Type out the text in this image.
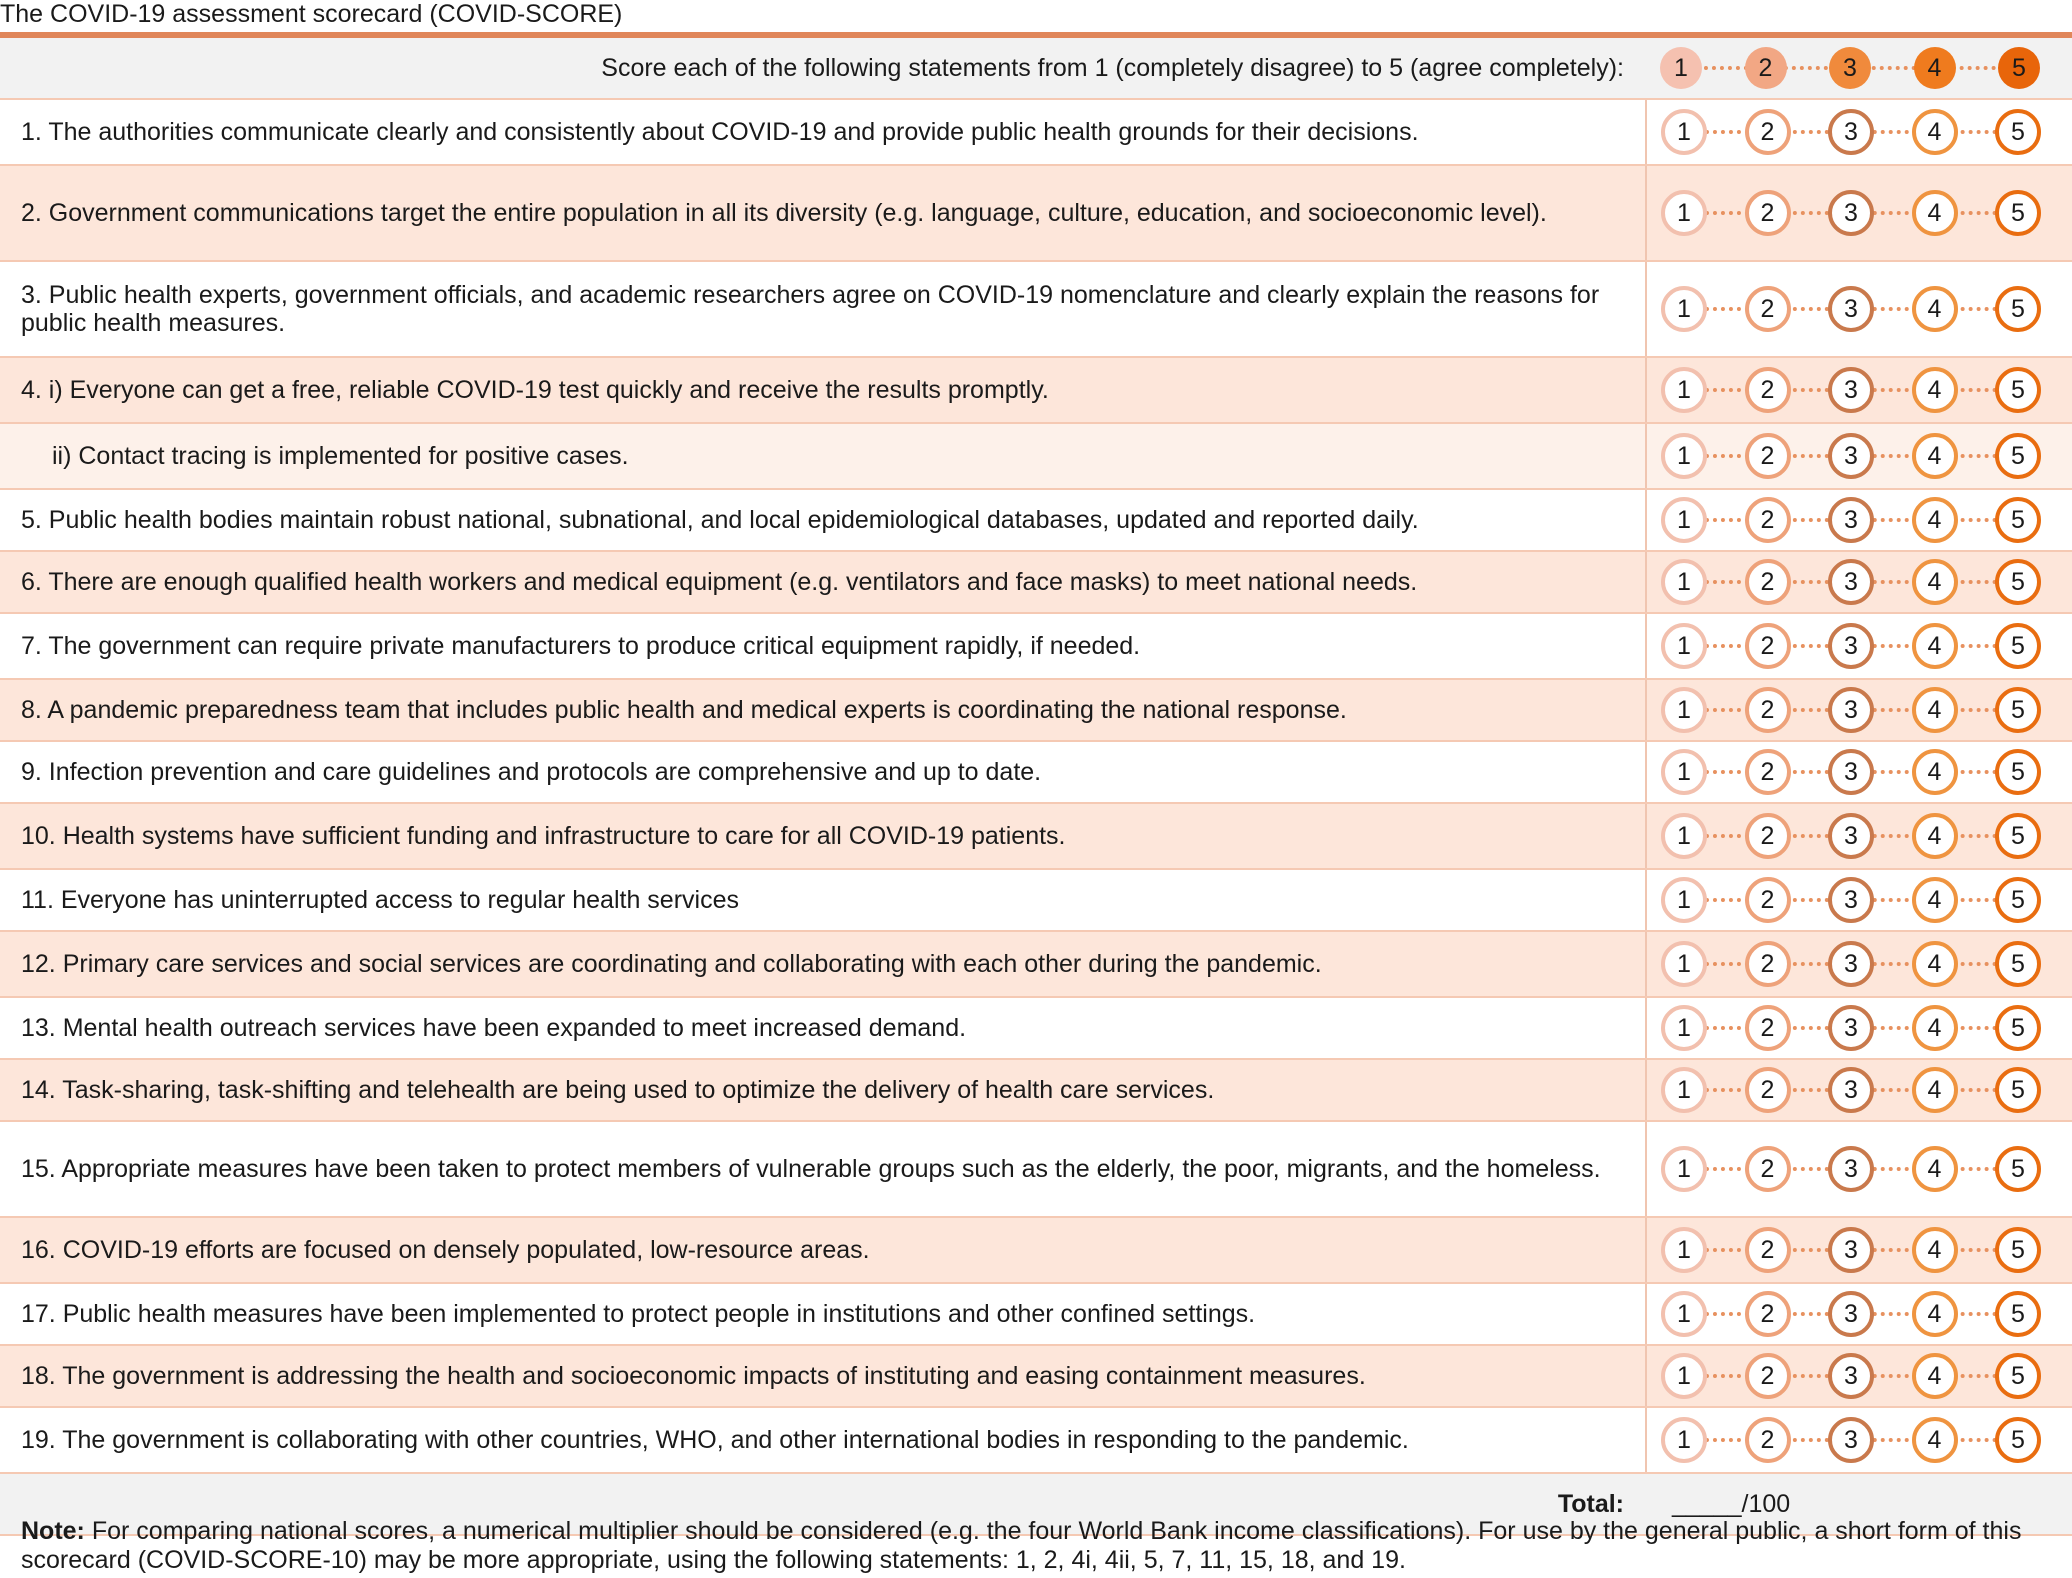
The COVID-19 assessment scorecard (COVID-SCORE)
Score each of the following statements from 1 (completely disagree) to 5 (agree completely):	1 2 3 4 5

1. The authorities communicate clearly and consistently about COVID-19 and provide public health grounds for their decisions.	1 2 3 4 5

2. Government communications target the entire population in all its diversity (e.g. language, culture, education, and socioeconomic level).	1 2 3 4 5

3. Public health experts, government officials, and academic researchers agree on COVID-19 nomenclature and clearly explain the reasons for public health measures.	1 2 3 4 5

4. i) Everyone can get a free, reliable COVID-19 test quickly and receive the results promptly.	1 2 3 4 5

ii) Contact tracing is implemented for positive cases.	1 2 3 4 5

5. Public health bodies maintain robust national, subnational, and local epidemiological databases, updated and reported daily.	1 2 3 4 5

6. There are enough qualified health workers and medical equipment (e.g. ventilators and face masks) to meet national needs.	1 2 3 4 5

7. The government can require private manufacturers to produce critical equipment rapidly, if needed.	1 2 3 4 5

8. A pandemic preparedness team that includes public health and medical experts is coordinating the national response.	1 2 3 4 5

9. Infection prevention and care guidelines and protocols are comprehensive and up to date.	1 2 3 4 5

10. Health systems have sufficient funding and infrastructure to care for all COVID-19 patients.	1 2 3 4 5

11. Everyone has uninterrupted access to regular health services	1 2 3 4 5

12. Primary care services and social services are coordinating and collaborating with each other during the pandemic.	1 2 3 4 5

13. Mental health outreach services have been expanded to meet increased demand.	1 2 3 4 5

14. Task-sharing, task-shifting and telehealth are being used to optimize the delivery of health care services.	1 2 3 4 5

15. Appropriate measures have been taken to protect members of vulnerable groups such as the elderly, the poor, migrants, and the homeless.	1 2 3 4 5

16. COVID-19 efforts are focused on densely populated, low-resource areas.	1 2 3 4 5

17. Public health measures have been implemented to protect people in institutions and other confined settings.	1 2 3 4 5

18. The government is addressing the health and socioeconomic impacts of instituting and easing containment measures.	1 2 3 4 5

19. The government is collaborating with other countries, WHO, and other international bodies in responding to the pandemic.	1 2 3 4 5

Total:	_____/100
Note: For comparing national scores, a numerical multiplier should be considered (e.g. the four World Bank income classifications). For use by the general public, a short form of this scorecard (COVID-SCORE-10) may be more appropriate, using the following statements: 1, 2, 4i, 4ii, 5, 7, 11, 15, 18, and 19.
